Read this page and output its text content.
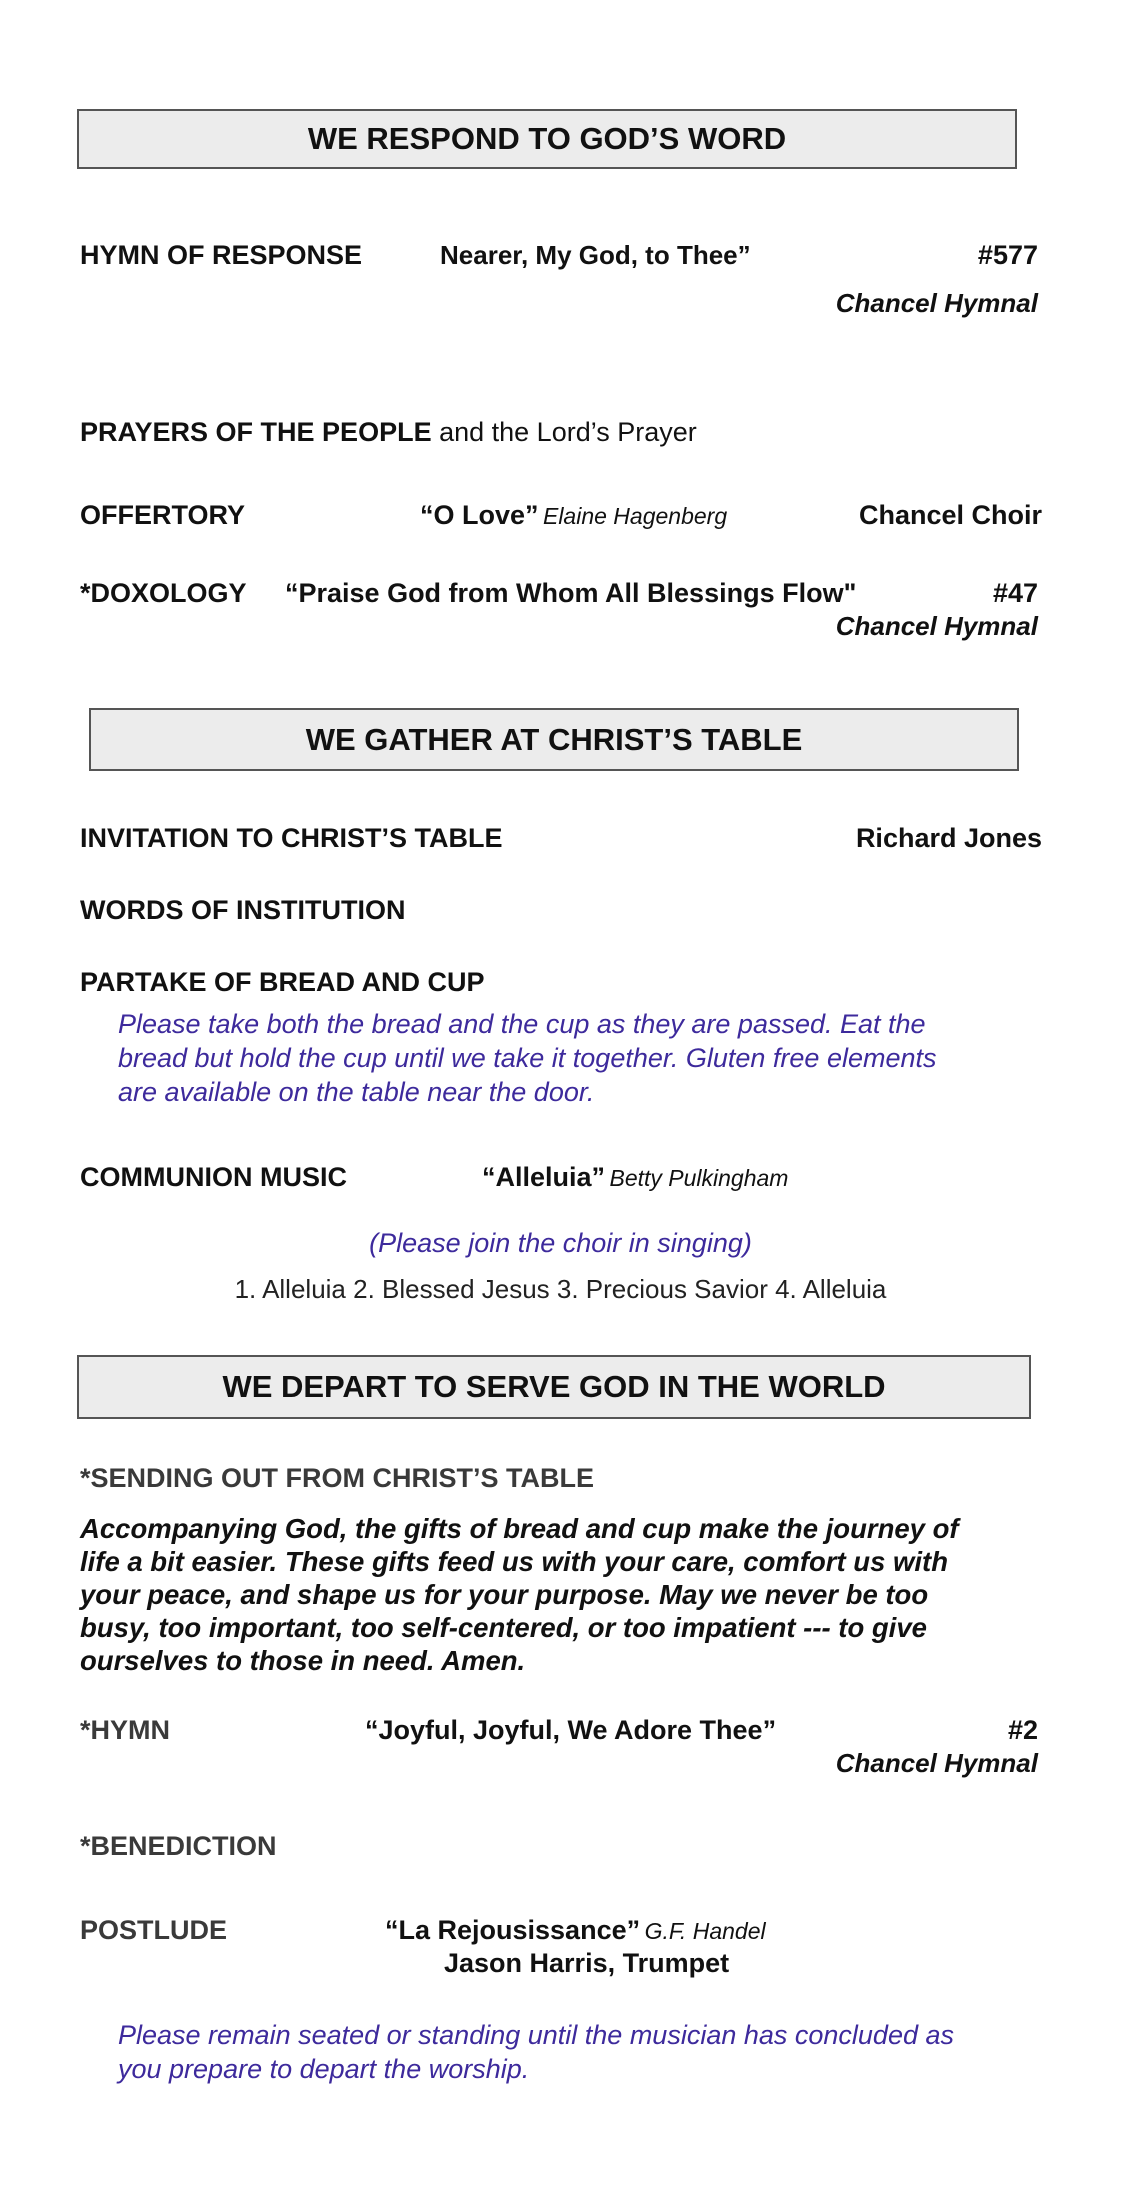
WE RESPOND TO GOD’S WORD
HYMN OF RESPONSE	Nearer, My God, to Thee”	#577
Chancel Hymnal
PRAYERS OF THE PEOPLE and the Lord’s Prayer
OFFERTORY	“O Love” Elaine Hagenberg	Chancel Choir
*DOXOLOGY “Praise God from Whom All Blessings Flow"	#47
Chancel Hymnal
WE GATHER AT CHRIST’S TABLE
INVITATION TO CHRIST’S TABLE	Richard Jones
WORDS OF INSTITUTION
PARTAKE OF BREAD AND CUP
Please take both the bread and the cup as they are passed. Eat the
bread but hold the cup until we take it together. Gluten free elements
are available on the table near the door.
COMMUNION MUSIC	“Alleluia” Betty Pulkingham
(Please join the choir in singing)
1. Alleluia 2. Blessed Jesus 3. Precious Savior 4. Alleluia
WE DEPART TO SERVE GOD IN THE WORLD
*SENDING OUT FROM CHRIST’S TABLE
Accompanying God, the gifts of bread and cup make the journey of
life a bit easier. These gifts feed us with your care, comfort us with
your peace, and shape us for your purpose. May we never be too
busy, too important, too self-centered, or too impatient --- to give
ourselves to those in need. Amen.
*HYMN	“Joyful, Joyful, We Adore Thee”	#2
Chancel Hymnal
*BENEDICTION
POSTLUDE	“La Rejousissance” G.F. Handel
Jason Harris, Trumpet
Please remain seated or standing until the musician has concluded as
you prepare to depart the worship.
